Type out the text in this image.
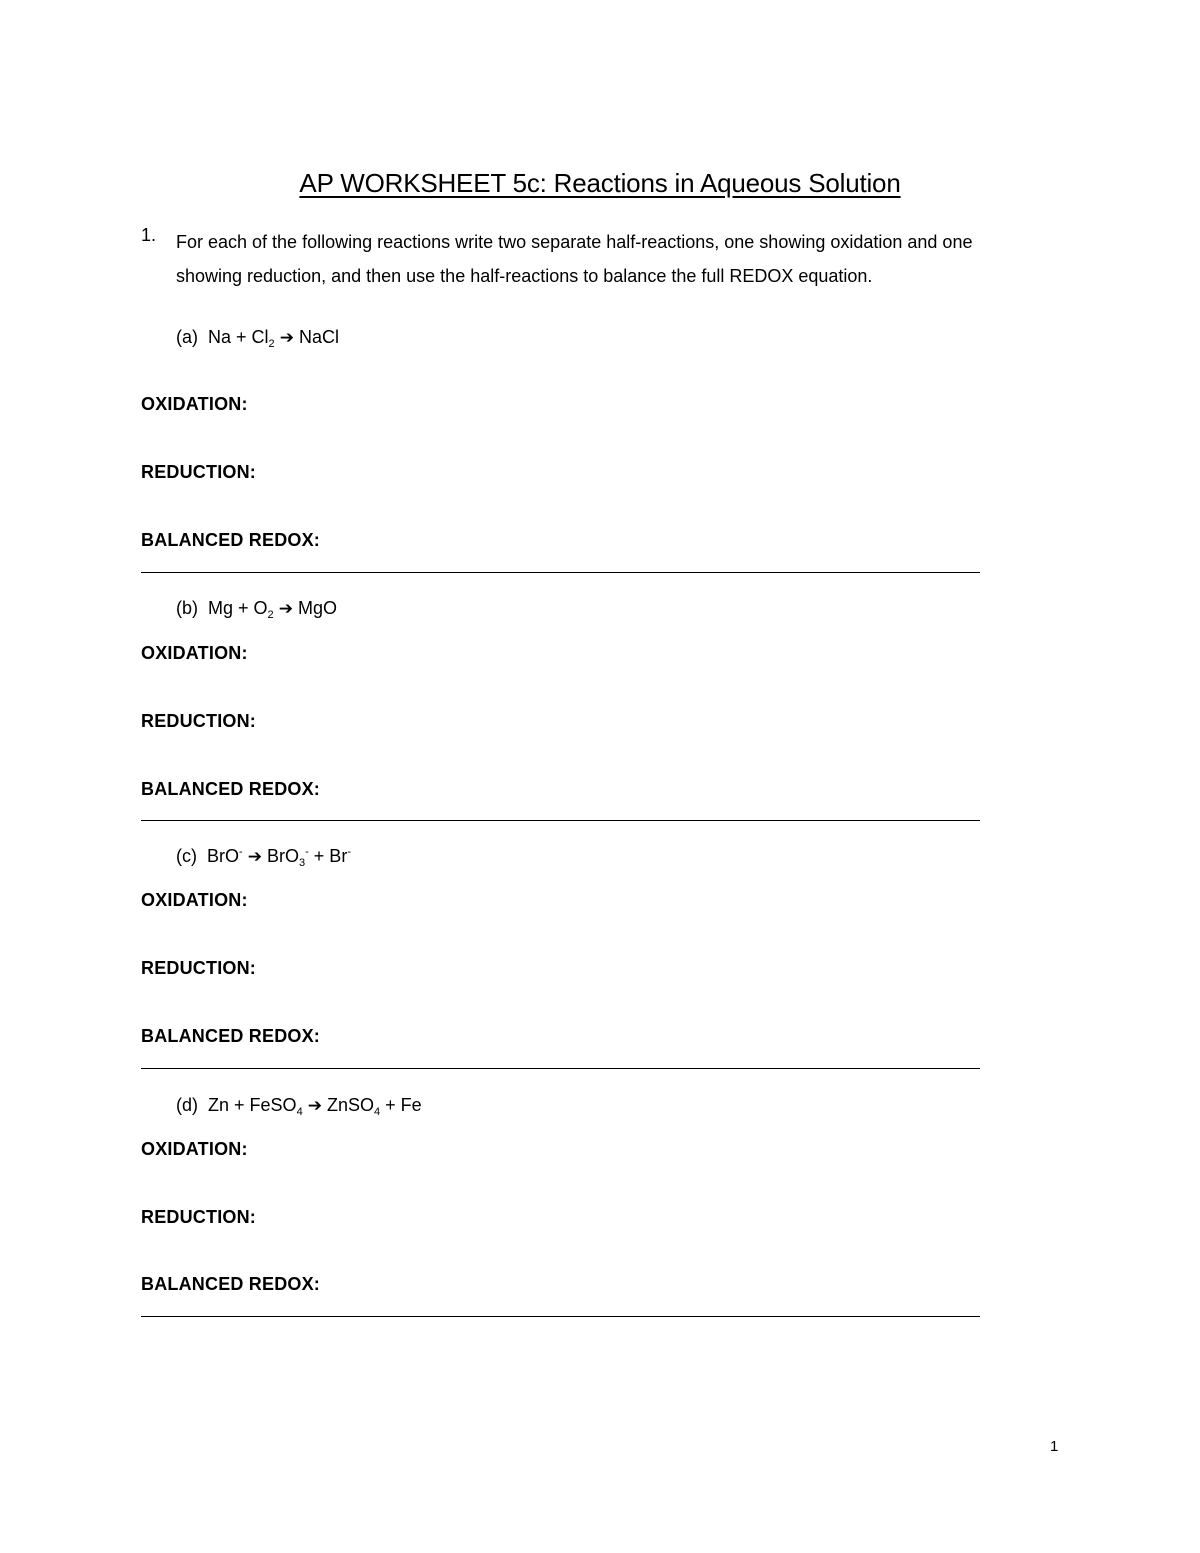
AP WORKSHEET 5c: Reactions in Aqueous Solution
1. For each of the following reactions write two separate half-reactions, one showing oxidation and one
showing reduction, and then use the half-reactions to balance the full REDOX equation.
(a) $Na + Cl_2$ ➔ NaCl
OXIDATION:
REDUCTION:
BALANCED REDOX:
(b) $Mg + O_2$ ➔ MgO
OXIDATION:
REDUCTION:
BALANCED REDOX:
(c) BrO- ➔ BrO$_3$- + Br-
OXIDATION:
REDUCTION:
BALANCED REDOX:
(d) Zn + FeSO$_4$ ➔ ZnSO$_4$ + Fe
OXIDATION:
REDUCTION:
BALANCED REDOX:
1
